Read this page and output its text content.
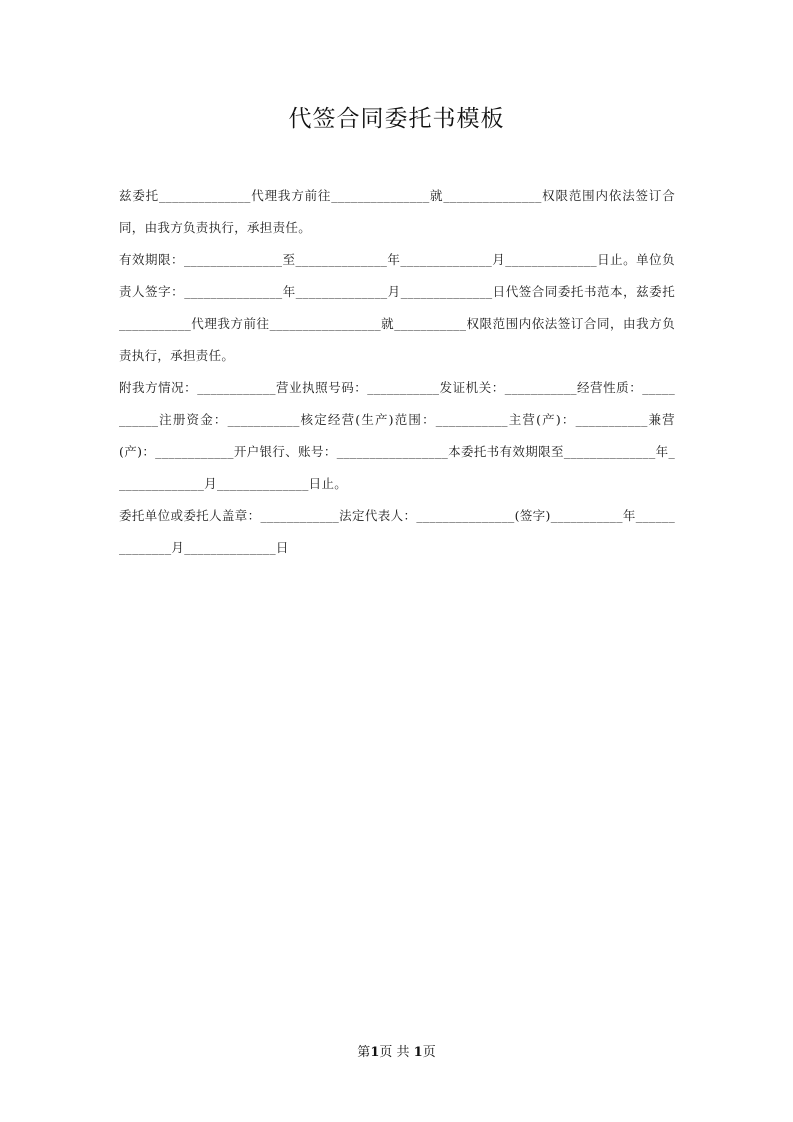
代签合同委托书模板

兹委托______________代理我方前往_______________就_______________权限范围内依法签订合同，由我方负责执行，承担责任。

有效期限：_______________至______________年______________月______________日止。单位负责人签字：_______________年______________月______________日代签合同委托书范本，兹委托___________代理我方前往_________________就___________权限范围内依法签订合同，由我方负责执行，承担责任。

附我方情况：____________营业执照号码：___________发证机关：___________经营性质：___________注册资金：___________核定经营(生产)范围：___________主营(产)：___________兼营(产)：____________开户银行、账号：_________________本委托书有效期限至______________年______________月______________日止。

委托单位或委托人盖章：____________法定代表人：_______________(签字)___________年______________月______________日

第1页 共 1页
